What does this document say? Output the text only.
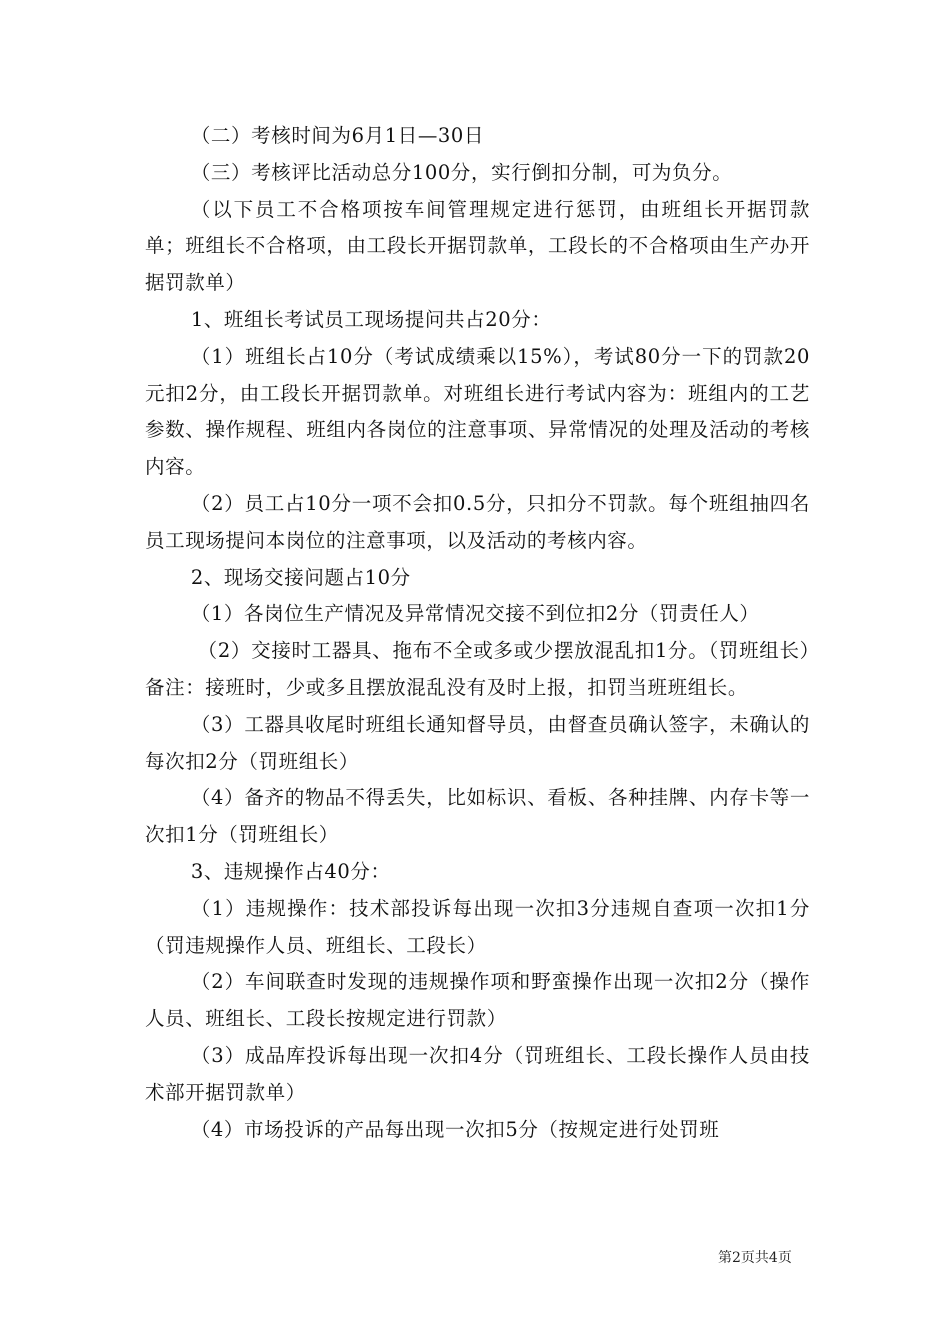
（二）考核时间为6月1日—30日

（三）考核评比活动总分100分，实行倒扣分制，可为负分。

（以下员工不合格项按车间管理规定进行惩罚，由班组长开据罚款单；班组长不合格项，由工段长开据罚款单，工段长的不合格项由生产办开据罚款单）

1、班组长考试员工现场提问共占20分：

（1）班组长占10分（考试成绩乘以15%），考试80分一下的罚款20元扣2分，由工段长开据罚款单。对班组长进行考试内容为：班组内的工艺参数、操作规程、班组内各岗位的注意事项、异常情况的处理及活动的考核内容。

（2）员工占10分一项不会扣0.5分，只扣分不罚款。每个班组抽四名员工现场提问本岗位的注意事项，以及活动的考核内容。

2、现场交接问题占10分

（1）各岗位生产情况及异常情况交接不到位扣2分（罚责任人）

（2）交接时工器具、拖布不全或多或少摆放混乱扣1分。（罚班组长）备注：接班时，少或多且摆放混乱没有及时上报，扣罚当班班组长。

（3）工器具收尾时班组长通知督导员，由督查员确认签字，未确认的每次扣2分（罚班组长）

（4）备齐的物品不得丢失，比如标识、看板、各种挂牌、内存卡等一次扣1分（罚班组长）

3、违规操作占40分：

（1）违规操作：技术部投诉每出现一次扣3分违规自查项一次扣1分（罚违规操作人员、班组长、工段长）

（2）车间联查时发现的违规操作项和野蛮操作出现一次扣2分（操作人员、班组长、工段长按规定进行罚款）

（3）成品库投诉每出现一次扣4分（罚班组长、工段长操作人员由技术部开据罚款单）

（4）市场投诉的产品每出现一次扣5分（按规定进行处罚班

第2页共4页
